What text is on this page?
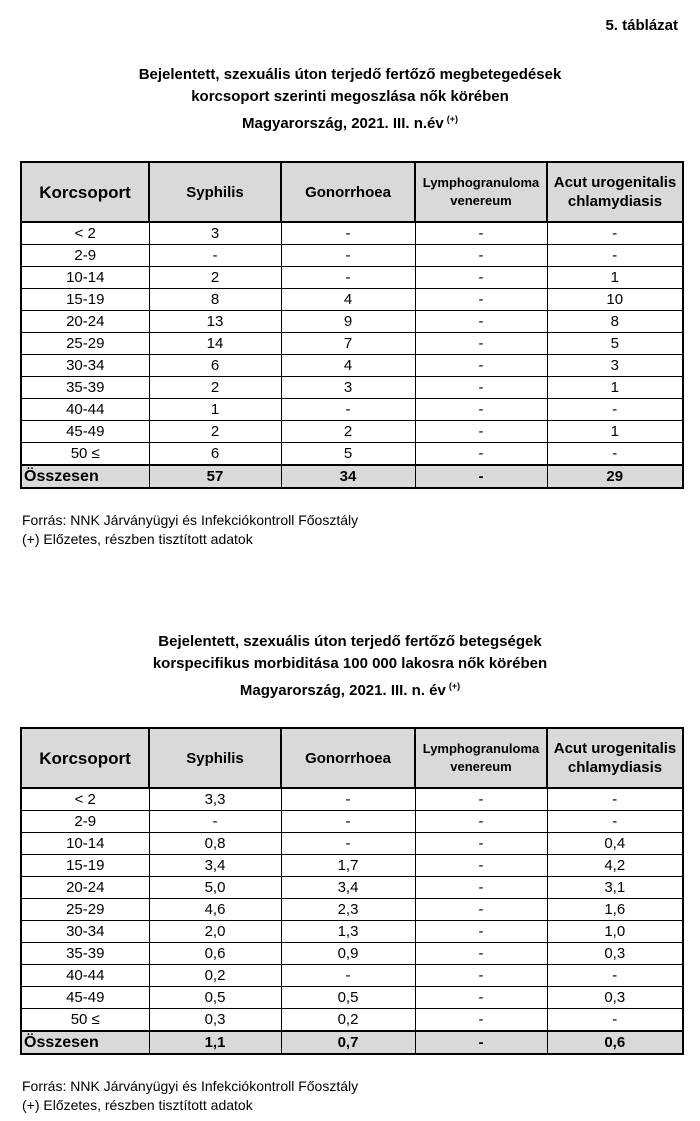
5. táblázat
Bejelentett, szexuális úton terjedő fertőző megbetegedések
korcsoport szerinti megoszlása nők körében
Magyarország, 2021. III. n.év (+)
Korcsoport	Syphilis	Gonorrhoea	Lymphogranuloma venereum	Acut urogenitalis chlamydiasis
< 2	3	-	-	-
2-9	-	-	-	-
10-14	2	-	-	1
15-19	8	4	-	10
20-24	13	9	-	8
25-29	14	7	-	5
30-34	6	4	-	3
35-39	2	3	-	1
40-44	1	-	-	-
45-49	2	2	-	1
50 ≤	6	5	-	-
Összesen	57	34	-	29
Forrás: NNK Járványügyi és Infekciókontroll Főosztály
(+) Előzetes, részben tisztított adatok
Bejelentett, szexuális úton terjedő fertőző betegségek
korspecifikus morbiditása 100 000 lakosra nők körében
Magyarország, 2021. III. n. év (+)
Korcsoport	Syphilis	Gonorrhoea	Lymphogranuloma venereum	Acut urogenitalis chlamydiasis
< 2	3,3	-	-	-
2-9	-	-	-	-
10-14	0,8	-	-	0,4
15-19	3,4	1,7	-	4,2
20-24	5,0	3,4	-	3,1
25-29	4,6	2,3	-	1,6
30-34	2,0	1,3	-	1,0
35-39	0,6	0,9	-	0,3
40-44	0,2	-	-	-
45-49	0,5	0,5	-	0,3
50 ≤	0,3	0,2	-	-
Összesen	1,1	0,7	-	0,6
Forrás: NNK Járványügyi és Infekciókontroll Főosztály
(+) Előzetes, részben tisztított adatok
